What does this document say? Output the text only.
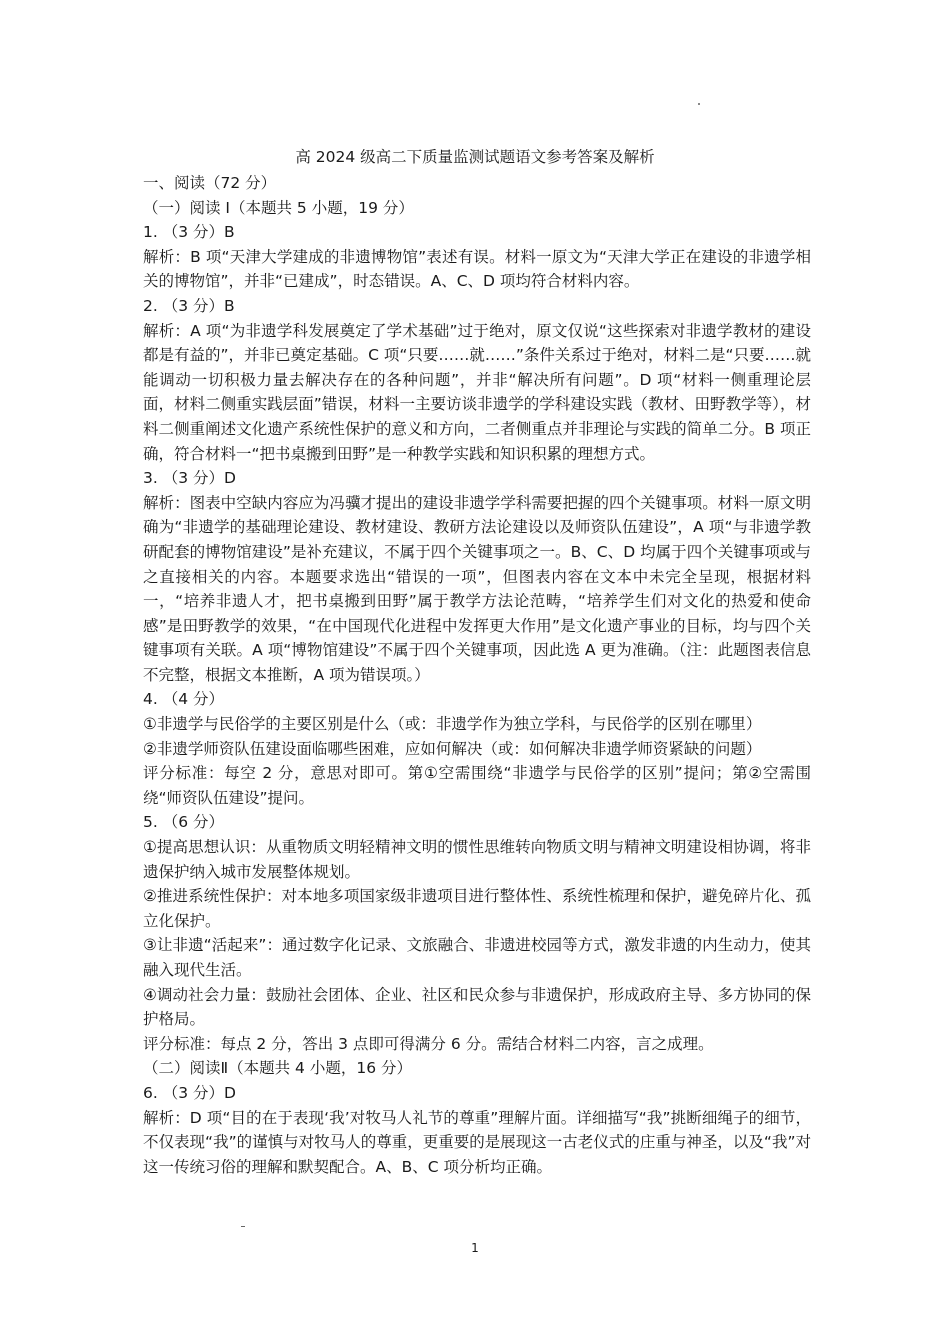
高 2024 级高二下质量监测试题语文参考答案及解析

一、阅读（72 分）

（一）阅读 I（本题共 5 小题，19 分）

1. （3 分）B

解析：B 项“天津大学建成的非遗博物馆”表述有误。材料一原文为“天津大学正在建设的非遗学相关的博物馆”，并非“已建成”，时态错误。A、C、D 项均符合材料内容。

2. （3 分）B

解析：A 项“为非遗学科发展奠定了学术基础”过于绝对，原文仅说“这些探索对非遗学教材的建设都是有益的”，并非已奠定基础。C 项“只要……就……”条件关系过于绝对，材料二是“只要……就能调动一切积极力量去解决存在的各种问题”，并非“解决所有问题”。D 项“材料一侧重理论层面，材料二侧重实践层面”错误，材料一主要访谈非遗学的学科建设实践（教材、田野教学等），材料二侧重阐述文化遗产系统性保护的意义和方向，二者侧重点并非理论与实践的简单二分。B 项正确，符合材料一“把书桌搬到田野”是一种教学实践和知识积累的理想方式。

3. （3 分）D

解析：图表中空缺内容应为冯骥才提出的建设非遗学学科需要把握的四个关键事项。材料一原文明确为“非遗学的基础理论建设、教材建设、教研方法论建设以及师资队伍建设”，A 项“与非遗学教研配套的博物馆建设”是补充建议，不属于四个关键事项之一。B、C、D 均属于四个关键事项或与之直接相关的内容。本题要求选出“错误的一项”，但图表内容在文本中未完全呈现，根据材料一，“培养非遗人才，把书桌搬到田野”属于教学方法论范畴，“培养学生们对文化的热爱和使命感”是田野教学的效果，“在中国现代化进程中发挥更大作用”是文化遗产事业的目标，均与四个关键事项有关联。A 项“博物馆建设”不属于四个关键事项，因此选 A 更为准确。（注：此题图表信息不完整，根据文本推断，A 项为错误项。）

4. （4 分）

①非遗学与民俗学的主要区别是什么（或：非遗学作为独立学科，与民俗学的区别在哪里）

②非遗学师资队伍建设面临哪些困难，应如何解决（或：如何解决非遗学师资紧缺的问题）

评分标准：每空 2 分，意思对即可。第①空需围绕“非遗学与民俗学的区别”提问；第②空需围绕“师资队伍建设”提问。

5. （6 分）

①提高思想认识：从重物质文明轻精神文明的惯性思维转向物质文明与精神文明建设相协调，将非遗保护纳入城市发展整体规划。

②推进系统性保护：对本地多项国家级非遗项目进行整体性、系统性梳理和保护，避免碎片化、孤立化保护。

③让非遗“活起来”：通过数字化记录、文旅融合、非遗进校园等方式，激发非遗的内生动力，使其融入现代生活。

④调动社会力量：鼓励社会团体、企业、社区和民众参与非遗保护，形成政府主导、多方协同的保护格局。

评分标准：每点 2 分，答出 3 点即可得满分 6 分。需结合材料二内容，言之成理。

（二）阅读Ⅱ（本题共 4 小题，16 分）

6. （3 分）D

解析：D 项“目的在于表现‘我’对牧马人礼节的尊重”理解片面。详细描写“我”挑断细绳子的细节，不仅表现“我”的谨慎与对牧马人的尊重，更重要的是展现这一古老仪式的庄重与神圣，以及“我”对这一传统习俗的理解和默契配合。A、B、C 项分析均正确。

1
